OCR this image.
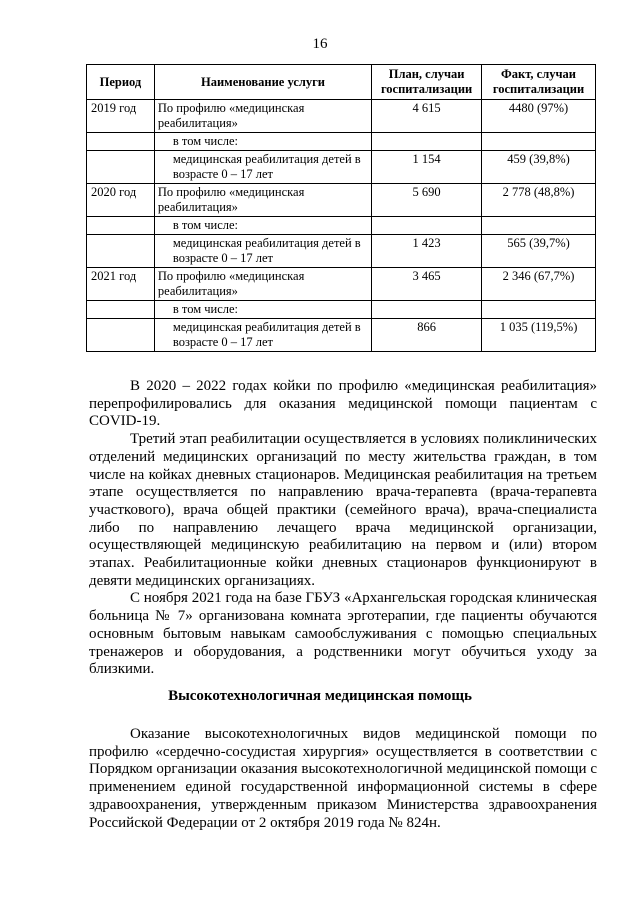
16
Период	Наименование услуги	План, случаи госпитализации	Факт, случаи госпитализации
2019 год	По профилю «медицинская реабилитация»	4 615	4480 (97%)
	в том числе:		
	медицинская реабилитация детей в возрасте 0 – 17 лет	1 154	459 (39,8%)
2020 год	По профилю «медицинская реабилитация»	5 690	2 778 (48,8%)
	в том числе:		
	медицинская реабилитация детей в возрасте 0 – 17 лет	1 423	565 (39,7%)
2021 год	По профилю «медицинская реабилитация»	3 465	2 346 (67,7%)
	в том числе:		
	медицинская реабилитация детей в возрасте 0 – 17 лет	866	1 035 (119,5%)

В 2020 – 2022 годах койки по профилю «медицинская реабилитация» перепрофилировались для оказания медицинской помощи пациентам с COVID-19.

Третий этап реабилитации осуществляется в условиях поликлинических отделений медицинских организаций по месту жительства граждан, в том числе на койках дневных стационаров. Медицинская реабилитация на третьем этапе осуществляется по направлению врача-терапевта (врача-терапевта участкового), врача общей практики (семейного врача), врача-специалиста либо по направлению лечащего врача медицинской организации, осуществляющей медицинскую реабилитацию на первом и (или) втором этапах. Реабилитационные койки дневных стационаров функционируют в девяти медицинских организациях.

С ноября 2021 года на базе ГБУЗ «Архангельская городская клиническая больница № 7» организована комната эрготерапии, где пациенты обучаются основным бытовым навыкам самообслуживания с помощью специальных тренажеров и оборудования, а родственники могут обучиться уходу за близкими.

Высокотехнологичная медицинская помощь

Оказание высокотехнологичных видов медицинской помощи по профилю «сердечно-сосудистая хирургия» осуществляется в соответствии с Порядком организации оказания высокотехнологичной медицинской помощи с применением единой государственной информационной системы в сфере здравоохранения, утвержденным приказом Министерства здравоохранения Российской Федерации от 2 октября 2019 года № 824н.
